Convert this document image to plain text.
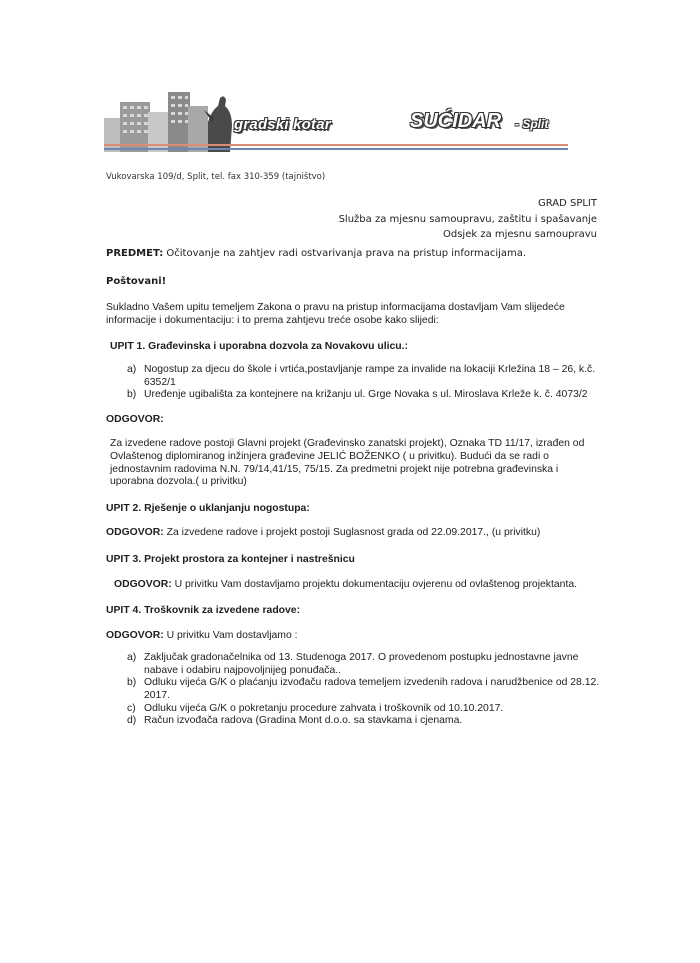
gradski kotar	SUĆIDAR - Split
Vukovarska 109/d, Split, tel. fax 310-359 (tajništvo)
GRAD SPLIT
Služba za mjesnu samoupravu, zaštitu i spašavanje
Odsjek za mjesnu samoupravu

PREDMET: Očitovanje na zahtjev radi ostvarivanja prava na pristup informacijama.

Poštovani!

Sukladno Vašem upitu temeljem Zakona o pravu na pristup informacijama dostavljam Vam slijedeće informacije i dokumentaciju: i to prema zahtjevu treće osobe kako slijedi:

UPIT 1. Građevinska i uporabna dozvola za Novakovu ulicu.:

a) Nogostup za djecu do škole i vrtića,postavljanje rampe za invalide na lokaciji Krležina 18 – 26, k.č. 6352/1
b) Uređenje ugibališta za kontejnere na križanju ul. Grge Novaka s ul. Miroslava Krleže k. č. 4073/2

ODGOVOR:

Za izvedene radove postoji Glavni projekt (Građevinsko zanatski projekt), Oznaka TD 11/17, izrađen od Ovlaštenog diplomiranog inžinjera građevine JELIĆ BOŽENKO ( u privitku). Budući da se radi o jednostavnim radovima N.N. 79/14,41/15, 75/15. Za predmetni projekt nije potrebna građevinska i uporabna dozvola.( u privitku)

UPIT 2. Rješenje o uklanjanju nogostupa:

ODGOVOR: Za izvedene radove i projekt postoji Suglasnost grada od 22.09.2017., (u privitku)

UPIT 3. Projekt prostora za kontejner i nastrešnicu

ODGOVOR: U privitku Vam dostavljamo projektu dokumentaciju ovjerenu od ovlaštenog projektanta.

UPIT 4. Troškovnik za izvedene radove:

ODGOVOR: U privitku Vam dostavljamo :

a) Zaključak gradonačelnika od 13. Studenoga 2017. O provedenom postupku jednostavne javne nabave i odabiru najpovoljnijeg ponuđača..
b) Odluku vijeća G/K o plaćanju izvođaču radova temeljem izvedenih radova i narudžbenice od 28.12. 2017.
c) Odluku vijeća G/K o pokretanju procedure zahvata i troškovnik od 10.10.2017.
d) Račun izvođača radova (Gradina Mont d.o.o. sa stavkama i cjenama.
